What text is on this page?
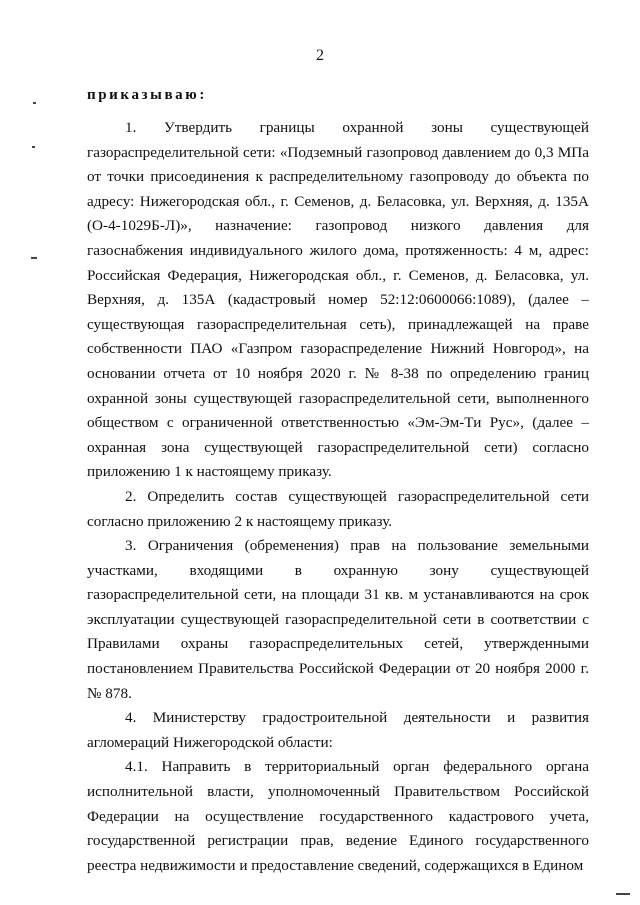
2
приказываю:

1. Утвердить границы охранной зоны существующей газораспределительной сети: «Подземный газопровод давлением до 0,3 МПа от точки присоединения к распределительному газопроводу до объекта по адресу: Нижегородская обл., г. Семенов, д. Беласовка, ул. Верхняя, д. 135А (О-4-1029Б-Л)», назначение: газопровод низкого давления для газоснабжения индивидуального жилого дома, протяженность: 4 м, адрес: Российская Федерация, Нижегородская обл., г. Семенов, д. Беласовка, ул. Верхняя, д. 135А (кадастровый номер 52:12:0600066:1089), (далее – существующая газораспределительная сеть), принадлежащей на праве собственности ПАО «Газпром газораспределение Нижний Новгород», на основании отчета от 10 ноября 2020 г. № 8-38 по определению границ охранной зоны существующей газораспределительной сети, выполненного обществом с ограниченной ответственностью «Эм-Эм-Ти Рус», (далее – охранная зона существующей газораспределительной сети) согласно приложению 1 к настоящему приказу.

2. Определить состав существующей газораспределительной сети согласно приложению 2 к настоящему приказу.

3. Ограничения (обременения) прав на пользование земельными участками, входящими в охранную зону существующей газораспределительной сети, на площади 31 кв. м устанавливаются на срок эксплуатации существующей газораспределительной сети в соответствии с Правилами охраны газораспределительных сетей, утвержденными постановлением Правительства Российской Федерации от 20 ноября 2000 г. № 878.

4. Министерству градостроительной деятельности и развития агломераций Нижегородской области:

4.1. Направить в территориальный орган федерального органа исполнительной власти, уполномоченный Правительством Российской Федерации на осуществление государственного кадастрового учета, государственной регистрации прав, ведение Единого государственного реестра недвижимости и предоставление сведений, содержащихся в Едином
